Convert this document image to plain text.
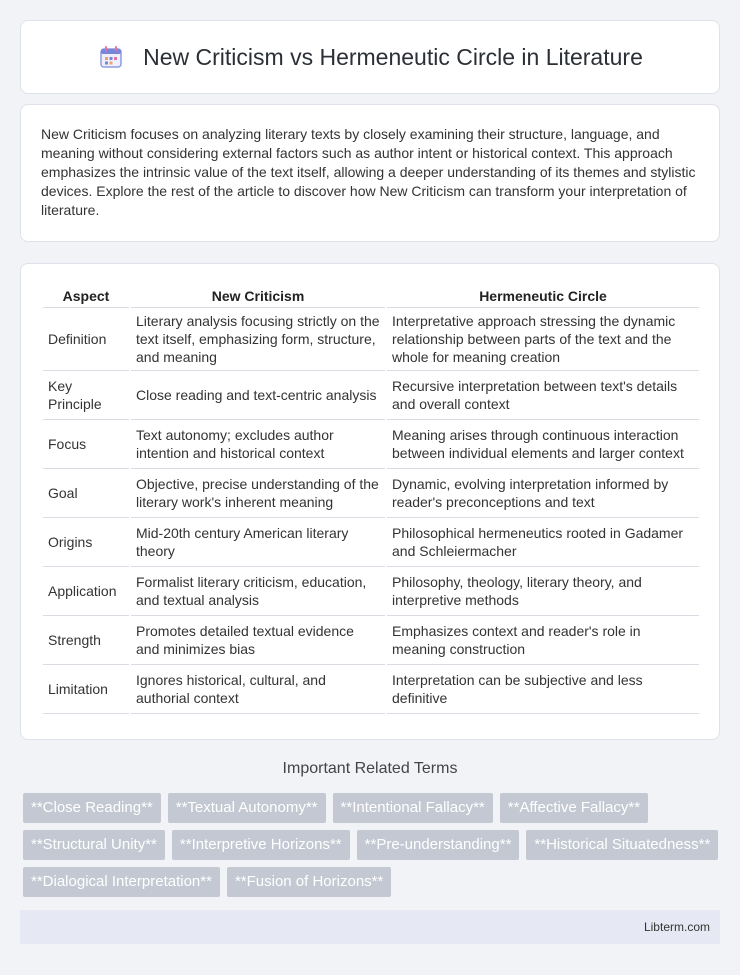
New Criticism vs Hermeneutic Circle in Literature

New Criticism focuses on analyzing literary texts by closely examining their structure, language, and meaning without considering external factors such as author intent or historical context. This approach emphasizes the intrinsic value of the text itself, allowing a deeper understanding of its themes and stylistic devices. Explore the rest of the article to discover how New Criticism can transform your interpretation of literature.

Aspect	New Criticism	Hermeneutic Circle
Definition	Literary analysis focusing strictly on the text itself, emphasizing form, structure, and meaning	Interpretative approach stressing the dynamic relationship between parts of the text and the whole for meaning creation
Key Principle	Close reading and text-centric analysis	Recursive interpretation between text's details and overall context
Focus	Text autonomy; excludes author intention and historical context	Meaning arises through continuous interaction between individual elements and larger context
Goal	Objective, precise understanding of the literary work's inherent meaning	Dynamic, evolving interpretation informed by reader's preconceptions and text
Origins	Mid-20th century American literary theory	Philosophical hermeneutics rooted in Gadamer and Schleiermacher
Application	Formalist literary criticism, education, and textual analysis	Philosophy, theology, literary theory, and interpretive methods
Strength	Promotes detailed textual evidence and minimizes bias	Emphasizes context and reader's role in meaning construction
Limitation	Ignores historical, cultural, and authorial context	Interpretation can be subjective and less definitive
Important Related Terms
**Close Reading**	**Textual Autonomy**	**Intentional Fallacy**	**Affective Fallacy**
**Structural Unity**	**Interpretive Horizons**	**Pre-understanding**	**Historical Situatedness**
**Dialogical Interpretation**	**Fusion of Horizons**
Libterm.com
